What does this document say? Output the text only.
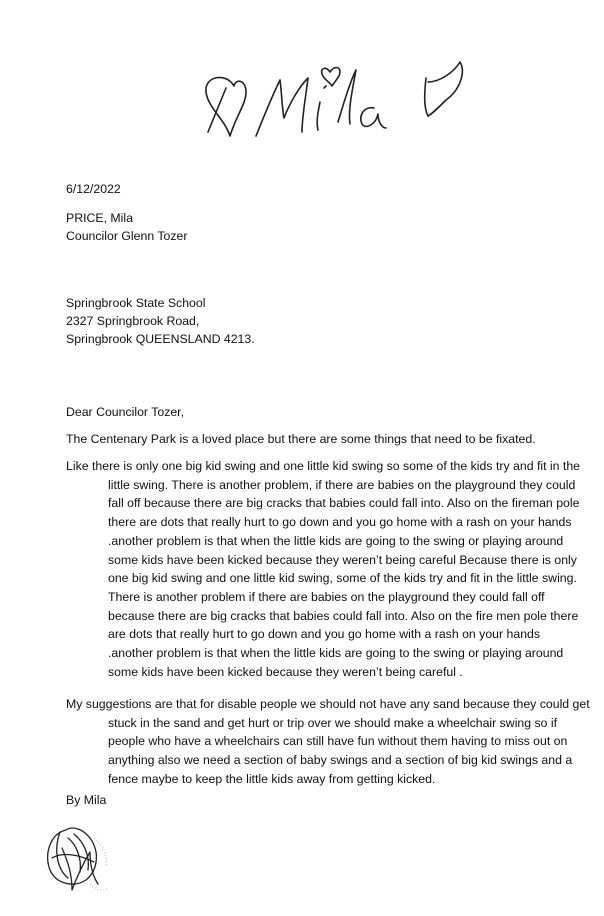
6/12/2022
PRICE, Mila
Councilor Glenn Tozer
Springbrook State School
2327 Springbrook Road,
Springbrook QUEENSLAND 4213.
Dear Councilor Tozer,
The Centenary Park is a loved place but there are some things that need to be fixated.
Like there is only one big kid swing and one little kid swing so some of the kids try and fit in the
little swing. There is another problem, if there are babies on the playground they could
fall off because there are big cracks that babies could fall into. Also on the fireman pole
there are dots that really hurt to go down and you go home with a rash on your hands
.another problem is that when the little kids are going to the swing or playing around
some kids have been kicked because they weren’t being careful Because there is only
one big kid swing and one little kid swing, some of the kids try and fit in the little swing.
There is another problem if there are babies on the playground they could fall off
because there are big cracks that babies could fall into. Also on the fire men pole there
are dots that really hurt to go down and you go home with a rash on your hands
.another problem is that when the little kids are going to the swing or playing around
some kids have been kicked because they weren’t being careful .
My suggestions are that for disable people we should not have any sand because they could get
stuck in the sand and get hurt or trip over we should make a wheelchair swing so if
people who have a wheelchairs can still have fun without them having to miss out on
anything also we need a section of baby swings and a section of big kid swings and a
fence maybe to keep the little kids away from getting kicked.
By Mila
